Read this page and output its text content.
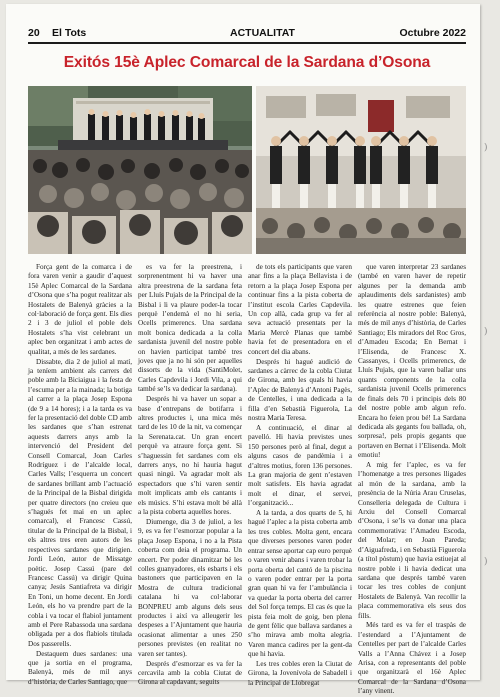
20 El Tots	ACTUALITAT	Octubre 2022
Exitós 15è Aplec Comarcal de la Sardana d’Osona

Força gent de la comarca i de fora varen venir a gaudir d’aquest 15è Aplec Comarcal de la Sardana d’Osona que s’ha pogut realitzar als Hostalets de Balenyà gràcies a la col·laboració de força gent. Els dies 2 i 3 de juliol el poble dels Hostalets s’ha vist celebrant un aplec ben organitzat i amb actes de qualitat, a més de les sardanes.

Dissabte, dia 2 de juliol al matí, ja teníem ambient als carrers del poble amb la Biciaigua i la festa de l’escuma per a la mainada; la botiga al carrer a la plaça Josep Espona (de 9 a 14 hores); i a la tarda es va fer la presentació del doble CD amb les sardanes que s’han estrenat aquests darrers anys amb la intervenció del President del Consell Comarcal, Joan Carles Rodríguez i de l’alcalde local, Carles Valls; l’esquerra un concert de sardanes brillant amb l’actuació de la Principal de la Bisbal dirigida per quatre directors (no creieu que s’hagués fet mai en un aplec comarcal), el Francesc Cassú, titular de la Principal de la Bisbal, i els altres tres eren autors de les respectives sardanes que dirigien. Jordi León, autor de Missatge poètic. Josep Cassú (pare del Francesc Cassú) va dirigir Quina canya; Jesús Santiafreta va dirigir En Toni, un home decent. En Jordi León, els ho va prendre part de la cobla i va tocar el flabiol juntament amb el Pere Rabassoda una sardana obligada per a dos flabiols titulada Dos passerells.

Destaquem dues sardanes: una que ja sortia en el programa, Balenyà, més de mil anys d’història, de Carles Santiago, que

es va fer la preestrena, i sorprenentment hi va haver una altra preestrena de la sardana feta per Lluís Pujals de la Principal de la Bisbal i li va plaure poder-la tocar perquè l’endemà el no hi seria, Ocells primerencs. Una sardana molt bonica dedicada a la colla sardanista juvenil del nostre poble on havien participat també tres joves que ja no hi són per aquelles dissorts de la vida (SantiMolet, Carles Capdevila i Jordi Vila, a qui també se’ls va dedicar la sardana).

Després hi va haver un sopar a base d’entrepans de botifarra i altres productes i, una mica més tard de les 10 de la nit, va començar la Serenata.cat. Un gran encert perquè va atraure força gent. Si s’haguessin fet sardanes com els darrers anys, no hi hauria hagut quasi ningú. Va agradar molt als espectadors que s’hi varen sentir molt implicats amb els cantants i els músics. S’hi estava molt bé allà a la pista coberta aquelles hores.

Diumenge, dia 3 de juliol, a les 9, es va fer l’esmorzar popular a la plaça Josep Espona, i no a la Pista coberta com deia el programa. Un encert. Per poder dinamitzar bé les colles guanyadores, els esbarts i els bastoners que participaven en la Mostra de cultura tradicional catalana hi va col·laborar BONPREU amb alguns dels seus productes i així va alleugerir les despeses a l’Ajuntament que hauria ocasionat alimentar a unes 250 persones previstes (en realitat no varen ser tantes).

Després d’esmorzar es va fer la cercavila amb la cobla Ciutat de Girona al capdavant, seguits

de tots els participants que varen anar fins a la plaça Bellavista i de retorn a la plaça Josep Espona per continuar fins a la pista coberta de l’institut escola Carles Capdevila. Un cop allà, cada grup va fer al seva actuació presentats per la Maria Mercè Planas que també havia fet de presentadora en el concert del dia abans.

Després hi hagué audició de sardanes a càrrec de la cobla Ciutat de Girona, amb les quals hi havia l’Aplec de Balenyà d’Antoni Pagès, de Centelles, i una dedicada a la filla d’en Sebastià Figuerola, La nostra Maria Teresa.

A continuació, el dinar al pavelló. Hi havia previstes unes 150 persones però al final, degut a alguns casos de pandèmia i a d’altres motius, foren 136 persones. La gran majoria de gent n’estaven molt satisfets. Els havia agradat molt el dinar, el servei, l’organització...

A la tarda, a dos quarts de 5, hi hagué l’aplec a la pista coberta amb les tres cobles. Molta gent, encara que diverses persones varen poder entrar sense aportar cap euro perquè o varen venir abans i varen trobar la porta oberta del cantó de la piscina o varen poder entrar per la porta gran quan hi va fer l’ambulància i va quedar la porta oberta del carrer del Sol força temps. El cas és que la pista feia molt de goig, ben plena de gent fèlic que ballava sardanes a s’ho mirava amb molta alegria. Varen manca cadires per la gent-da que hi havia.

Les tres cobles eren la Ciutat de Girona, la Jovenívola de Sabadell i la Principal de Llobregat

que varen interpretar 23 sardanes (també en varen haver de repetir algunes per la demanda amb aplaudiments dels sardanistes) amb les quatre estrenes que feien referència al nostre poble: Balenyà, més de mil anys d’història, de Carles Santiago; Els miradors del Roc Gros, d’Amadeu Escoda; En Bernat i l’Elisenda, de Francesc X. Cassanyes, i Ocells primerencs, de Lluís Pujals, que la varen ballar uns quants components de la colla sardanista juvenil Ocells primerencs de finals dels 70 i principis dels 80 del nostre poble amb algun refo. Encara ho feien prou bé! La Sardana dedicada als gegants fou ballada, oh, sorpresa!, pels propis gegants que portaven en Bernat i l’Elisenda. Molt emotiu!

A mig fer l’aplec, es va fer l’homenatge a tres persones lligades al món de la sardana, amb la presència de la Núria Arau Cruselas, Conselleria delegada de Cultura i Arxiu del Consell Comarcal d’Osona, i se’ls va donar una placa commemorativa: l’Amadeu Escoda, del Molar; en Joan Pareda; d’Aiguafreda, i en Sebastià Figuerola (a títol pòstum) que havia estiuejat al nostre poble i li havia dedicat una sardana que després també varen tocar les tres cobles de conjunt Hostalets de Balenyà. Van recollir la placa commemorativa els seus dos fills.

Més tard es va fer el traspàs de l’estendard a l’Ajuntament de Centelles per part de l’alcalde Carles Valls a l’Anna Chávez i a Josep Arisa, con a representants del poble que organitzarà el 16è Aplec Comarcal de la Sardana d’Osona l’any vinent.

)
)
)
